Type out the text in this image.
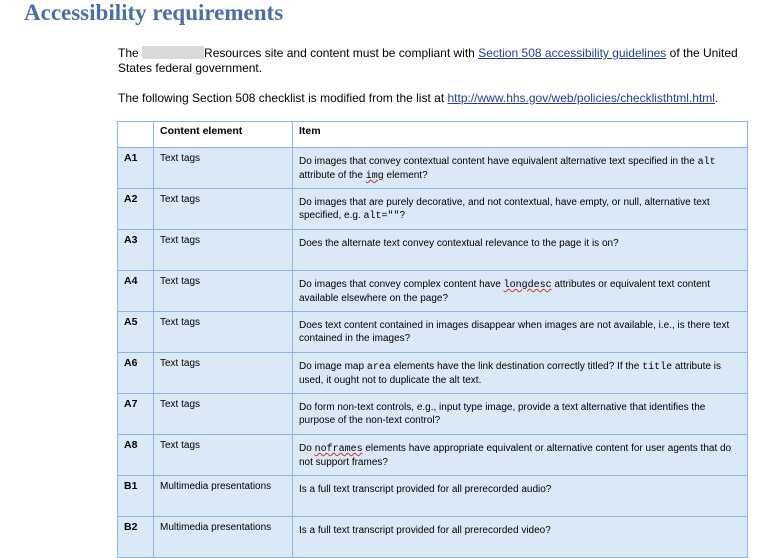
Accessibility requirements

The	Resources site and content must be compliant with Section 508 accessibility guidelines of the United States federal government.

The following Section 508 checklist is modified from the list at http://www.hhs.gov/web/policies/checklisthtml.html.

	Content element	Item
A1	Text tags	Do images that convey contextual content have equivalent alternative text specified in the alt attribute of the img element?
A2	Text tags	Do images that are purely decorative, and not contextual, have empty, or null, alternative text specified, e.g. alt=""?
A3	Text tags	Does the alternate text convey contextual relevance to the page it is on?
A4	Text tags	Do images that convey complex content have longdesc attributes or equivalent text content available elsewhere on the page?
A5	Text tags	Does text content contained in images disappear when images are not available, i.e., is there text contained in the images?
A6	Text tags	Do image map area elements have the link destination correctly titled? If the title attribute is used, it ought not to duplicate the alt text.
A7	Text tags	Do form non-text controls, e.g., input type image, provide a text alternative that identifies the purpose of the non-text control?
A8	Text tags	Do noframes elements have appropriate equivalent or alternative content for user agents that do not support frames?
B1	Multimedia presentations	Is a full text transcript provided for all prerecorded audio?
B2	Multimedia presentations	Is a full text transcript provided for all prerecorded video?
